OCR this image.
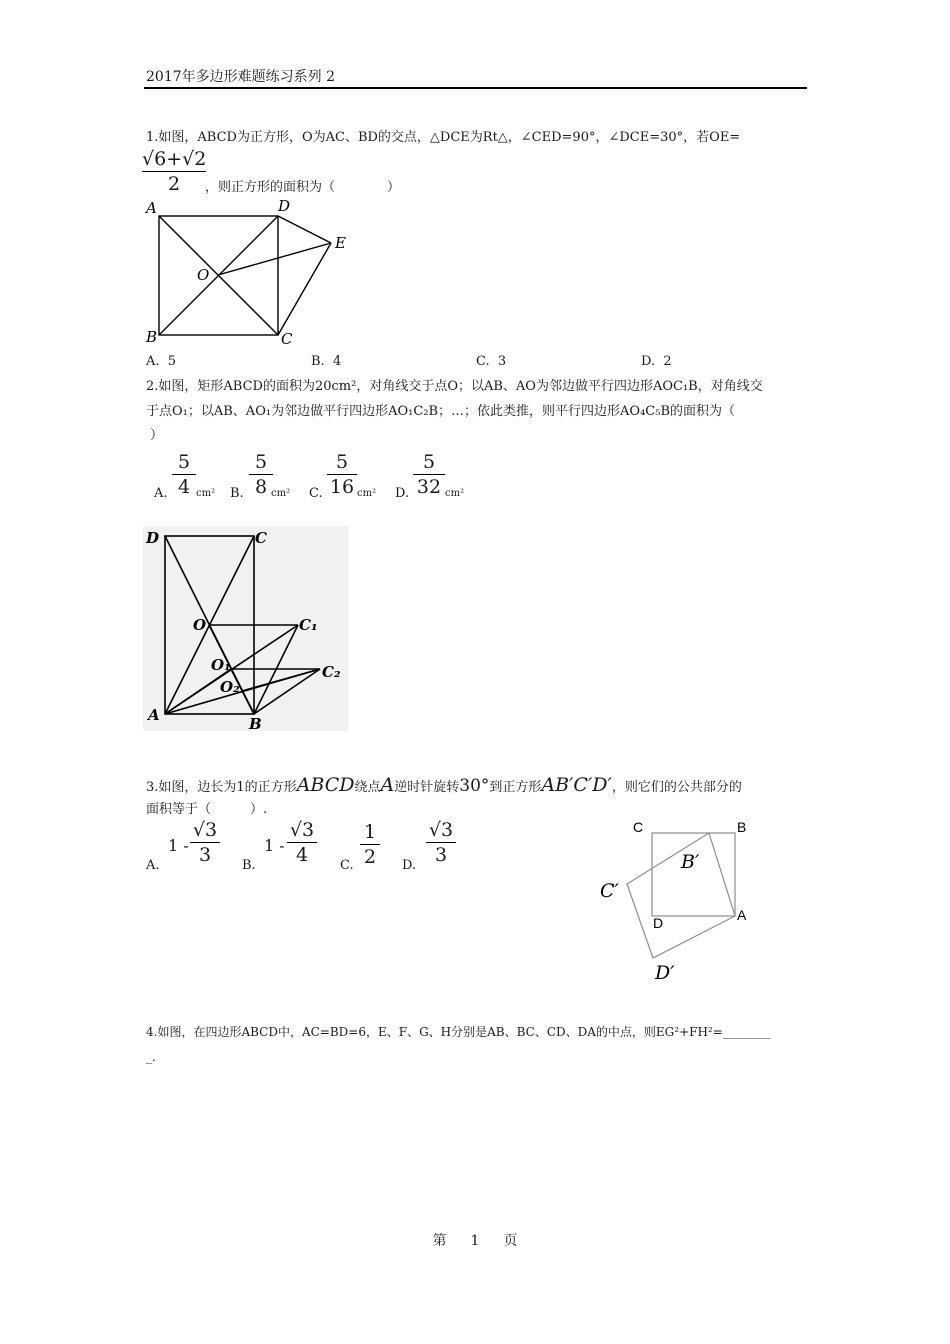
2017年多边形难题练习系列 2
1.如图，ABCD为正方形，O为AC、BD的交点，△DCE为Rt△，∠CED=90°，∠DCE=30°，若OE=
√6+√2
2	，则正方形的面积为（　　　　）
A	D
E
O
B	C
A. 5	B. 4	C. 3	D. 2
2.如图，矩形ABCD的面积为20cm²，对角线交于点O；以AB、AO为邻边做平行四边形AOC₁B，对角线交
于点O₁；以AB、AO₁为邻边做平行四边形AO₁C₂B；…；依此类推，则平行四边形AO₄C₅B的面积为（
）
A.
5
4 cm² B.
5
8 cm² C.
5
16 cm² D.
5
32 cm²
D	C
O	C₁
O₁	C₂
O₂
A	B
3.如图，边长为1的正方形ABCD绕点A逆时针旋转30°到正方形AB′C′D′，则它们的公共部分的
面积等于（　　　）.
A.
1 -
√3
3	B.
1 -
√3
4	C.
1
2	D.
√3
3
C	B
D	A
B′
C′
D′
4.如图，在四边形ABCD中，AC=BD=6，E、F、G、H分别是AB、BC、CD、DA的中点，则EG²+FH²=________
_.
第 1 页
